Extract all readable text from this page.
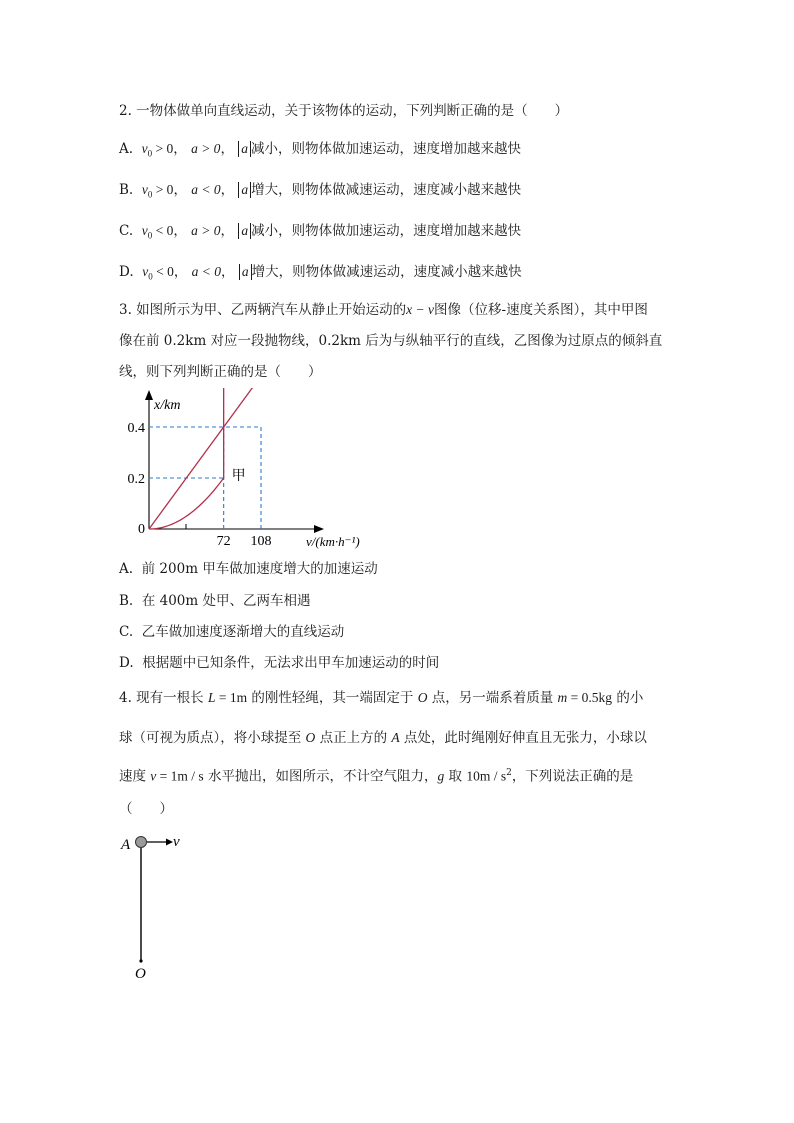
2. 一物体做单向直线运动，关于该物体的运动，下列判断正确的是（　　）
A. $v_0 > 0$， a > 0， a 减小，则物体做加速运动，速度增加越来越快
B. $v_0 > 0$， a < 0， a 增大，则物体做减速运动，速度减小越来越快
C. $v_0 < 0$， a > 0， a 减小，则物体做加速运动，速度增加越来越快
D. $v_0 < 0$， a < 0， a 增大，则物体做减速运动，速度减小越来越快
3. 如图所示为甲、乙两辆汽车从静止开始运动的x − v图像（位移-速度关系图），其中甲图
像在前 0.2km 对应一段抛物线，0.2km 后为与纵轴平行的直线，乙图像为过原点的倾斜直
线，则下列判断正确的是（　　）
x/km
v/(km·h⁻¹)
0.4
0.2
0
72 108
甲
A. 前 200m 甲车做加速度增大的加速运动
B. 在 400m 处甲、乙两车相遇
C. 乙车做加速度逐渐增大的直线运动
D. 根据题中已知条件，无法求出甲车加速运动的时间
4. 现有一根长 L = 1m 的刚性轻绳，其一端固定于 O 点，另一端系着质量 m = 0.5kg 的小
球（可视为质点），将小球提至 O 点正上方的 A 点处，此时绳刚好伸直且无张力，小球以
速度 v = 1m / s 水平抛出，如图所示，不计空气阻力，g 取 $10m / s^2$，下列说法正确的是
（　　）
A	v
O
